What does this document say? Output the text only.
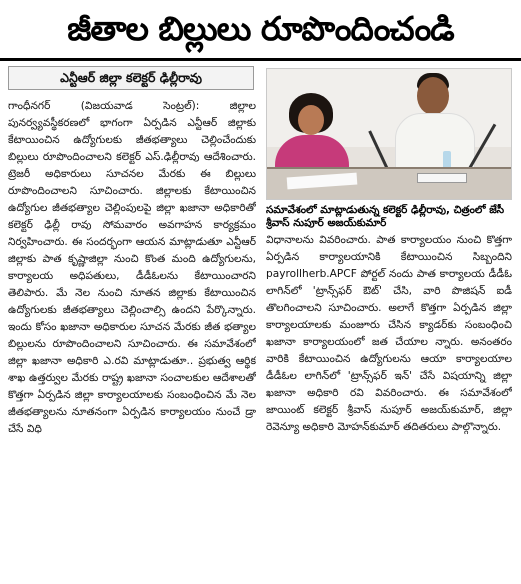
జీతాల బిల్లులు రూపొందించండి
ఎన్టీఆర్‌ జిల్లా కలెక్టర్‌ ఢిల్లీరావు
గాంధీనగర్‌ (విజయవాడ సెంట్రల్‌): జిల్లాల పునర్వ్యవస్థీకరణలో భాగంగా ఏర్పడిన ఎన్టీఆర్‌ జిల్లాకు కేటాయించిన ఉద్యోగులకు జీతభత్యాలు చెల్లించేందుకు బిల్లులు రూపొందించాలని కలెక్టర్‌ ఎస్‌.ఢిల్లీరావు ఆదేశించారు. ట్రెజరీ అధికారులు సూచనల మేరకు ఈ బిల్లులు రూపొందించాలని సూచించారు. జిల్లాలకు కేటాయించిన ఉద్యోగుల జీతభత్యాల చెల్లింపులపై జిల్లా ఖజానా అధికారితో కలెక్టర్‌ ఢిల్లీ రావు సోమవారం అవగాహన కార్యక్రమం నిర్వహించారు. ఈ సందర్భంగా ఆయన మాట్లాడుతూ ఎన్టీఆర్‌ జిల్లాకు పాత కృష్ణాజిల్లా నుంచి కొంత మంది ఉద్యోగులను, కార్యాలయ అధిపతులు, డీడీఓలను కేటాయించారని తెలిపారు. మే నెల నుంచి నూతన జిల్లాకు కేటాయించిన ఉద్యోగులకు జీతభత్యాలు చెల్లించాల్సి ఉందని పేర్కొన్నారు. ఇందు కోసం ఖజానా అధికారుల సూచన మేరకు జీత భత్యాల బిల్లులను రూపొందించాలని సూచించారు. ఈ సమావేశంలో జిల్లా ఖజానా అధికారి ఎ.రవి మాట్లాడుతూ.. ప్రభుత్వ ఆర్థిక శాఖ ఉత్తర్వుల మేరకు రాష్ట్ర ఖజానా సంచాలకుల ఆదేశాలతో కొత్తగా ఏర్పడిన జిల్లా కార్యాలయాలకు సంబంధించిన మే నెల జీతభత్యాలను నూతనంగా ఏర్పడిన కార్యాలయం నుంచే డ్రా చేసే విధి
సమావేశంలో మాట్లాడుతున్న కలెక్టర్‌ ఢిల్లీరావు, చిత్రంలో జేసీ శ్రీవాస్‌ నుపూర్‌ అజయ్‌కుమార్‌
విధానాలను వివరించారు. పాత కార్యాలయం నుంచి కొత్తగా ఏర్పడిన కార్యాలయానికి కేటాయించిన సిబ్బందిని payrollherb.APCF పోర్టల్‌ నందు పాత కార్యాలయ డీడీఓ లాగిన్‌లో 'ట్రాన్స్‌ఫర్‌ ఔట్‌' చేసి, వారి పొజిషన్‌ ఐడీ తొలగించాలని సూచించారు. అలాగే కొత్తగా ఏర్పడిన జిల్లా కార్యాలయాలకు మంజూరు చేసిన క్యాడర్‌కు సంబంధించి ఖజానా కార్యాలయంలో జత చేయాల న్నారు. అనంతరం వారికి కేటాయించిన ఉద్యోగులను ఆయా కార్యాలయాల డీడీఓల లాగిన్‌లో 'ట్రాన్స్‌ఫర్‌ ఇన్‌' చేసే విషయాన్ని జిల్లా ఖజానా అధికారి రవి వివరించారు. ఈ సమావేశంలో జాయింట్‌ కలెక్టర్‌ శ్రీవాస్‌ నుపూర్‌ అజయ్‌కుమార్‌, జిల్లా రెవెన్యూ అధికారి మోహన్‌కుమార్‌ తదితరులు పాల్గొన్నారు.
